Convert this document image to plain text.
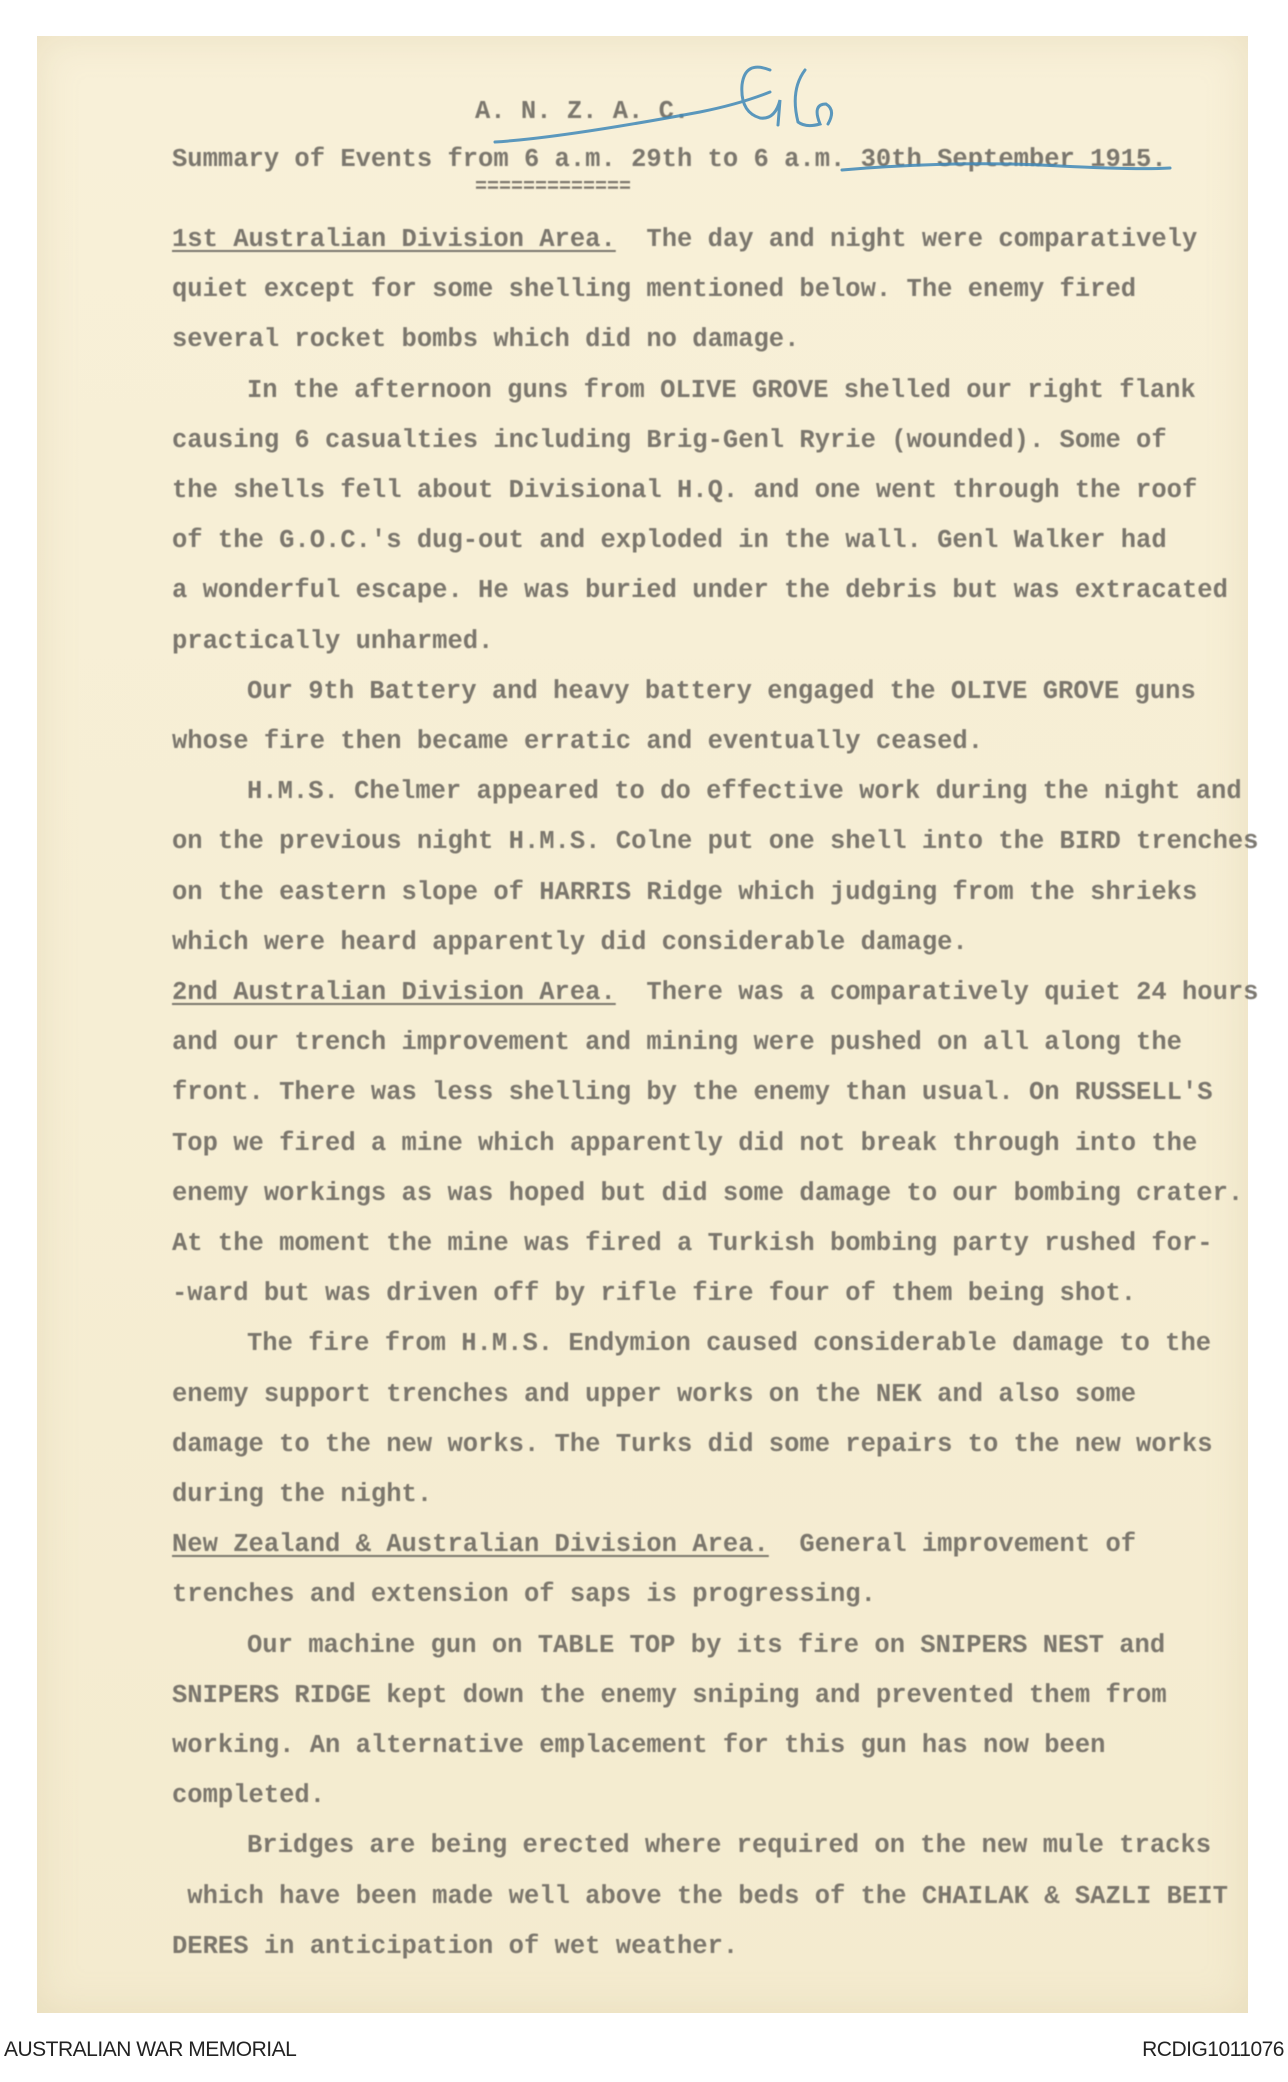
A. N. Z. A. C.
Summary of Events from 6 a.m. 29th to 6 a.m. 30th September 1915.
=============
1st Australian Division Area.  The day and night were comparatively
quiet except for some shelling mentioned below. The enemy fired
several rocket bombs which did no damage.
In the afternoon guns from OLIVE GROVE shelled our right flank
causing 6 casualties including Brig-Genl Ryrie (wounded). Some of
the shells fell about Divisional H.Q. and one went through the roof
of the G.O.C.'s dug-out and exploded in the wall. Genl Walker had
a wonderful escape. He was buried under the debris but was extracated
practically unharmed.
Our 9th Battery and heavy battery engaged the OLIVE GROVE guns
whose fire then became erratic and eventually ceased.
H.M.S. Chelmer appeared to do effective work during the night and
on the previous night H.M.S. Colne put one shell into the BIRD trenches
on the eastern slope of HARRIS Ridge which judging from the shrieks
which were heard apparently did considerable damage.
2nd Australian Division Area.  There was a comparatively quiet 24 hours
and our trench improvement and mining were pushed on all along the
front. There was less shelling by the enemy than usual. On RUSSELL'S
Top we fired a mine which apparently did not break through into the
enemy workings as was hoped but did some damage to our bombing crater.
At the moment the mine was fired a Turkish bombing party rushed for-
-ward but was driven off by rifle fire four of them being shot.
The fire from H.M.S. Endymion caused considerable damage to the
enemy support trenches and upper works on the NEK and also some
damage to the new works. The Turks did some repairs to the new works
during the night.
New Zealand & Australian Division Area.  General improvement of
trenches and extension of saps is progressing.
Our machine gun on TABLE TOP by its fire on SNIPERS NEST and
SNIPERS RIDGE kept down the enemy sniping and prevented them from
working. An alternative emplacement for this gun has now been
completed.
Bridges are being erected where required on the new mule tracks
which have been made well above the beds of the CHAILAK & SAZLI BEIT
DERES in anticipation of wet weather.
AUSTRALIAN WAR MEMORIAL	RCDIG1011076
